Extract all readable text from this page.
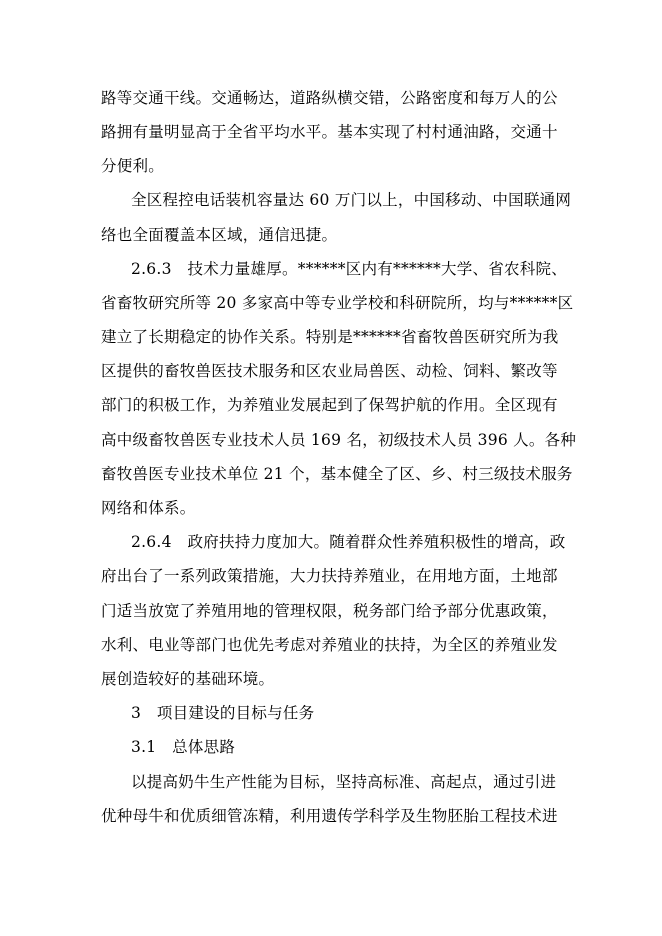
路等交通干线。交通畅达，道路纵横交错，公路密度和每万人的公
路拥有量明显高于全省平均水平。基本实现了村村通油路，交通十
分便利。
全区程控电话装机容量达 60 万门以上，中国移动、中国联通网
络也全面覆盖本区域，通信迅捷。
2.6.3　技术力量雄厚。******区内有******大学、省农科院、
省畜牧研究所等 20 多家高中等专业学校和科研院所，均与******区
建立了长期稳定的协作关系。特别是******省畜牧兽医研究所为我
区提供的畜牧兽医技术服务和区农业局兽医、动检、饲料、繁改等
部门的积极工作，为养殖业发展起到了保驾护航的作用。全区现有
高中级畜牧兽医专业技术人员 169 名，初级技术人员 396 人。各种
畜牧兽医专业技术单位 21 个，基本健全了区、乡、村三级技术服务
网络和体系。
2.6.4　政府扶持力度加大。随着群众性养殖积极性的增高，政
府出台了一系列政策措施，大力扶持养殖业，在用地方面，土地部
门适当放宽了养殖用地的管理权限，税务部门给予部分优惠政策，
水利、电业等部门也优先考虑对养殖业的扶持，为全区的养殖业发
展创造较好的基础环境。
3　项目建设的目标与任务
3.1　总体思路
以提高奶牛生产性能为目标，坚持高标准、高起点，通过引进
优种母牛和优质细管冻精，利用遗传学科学及生物胚胎工程技术进
